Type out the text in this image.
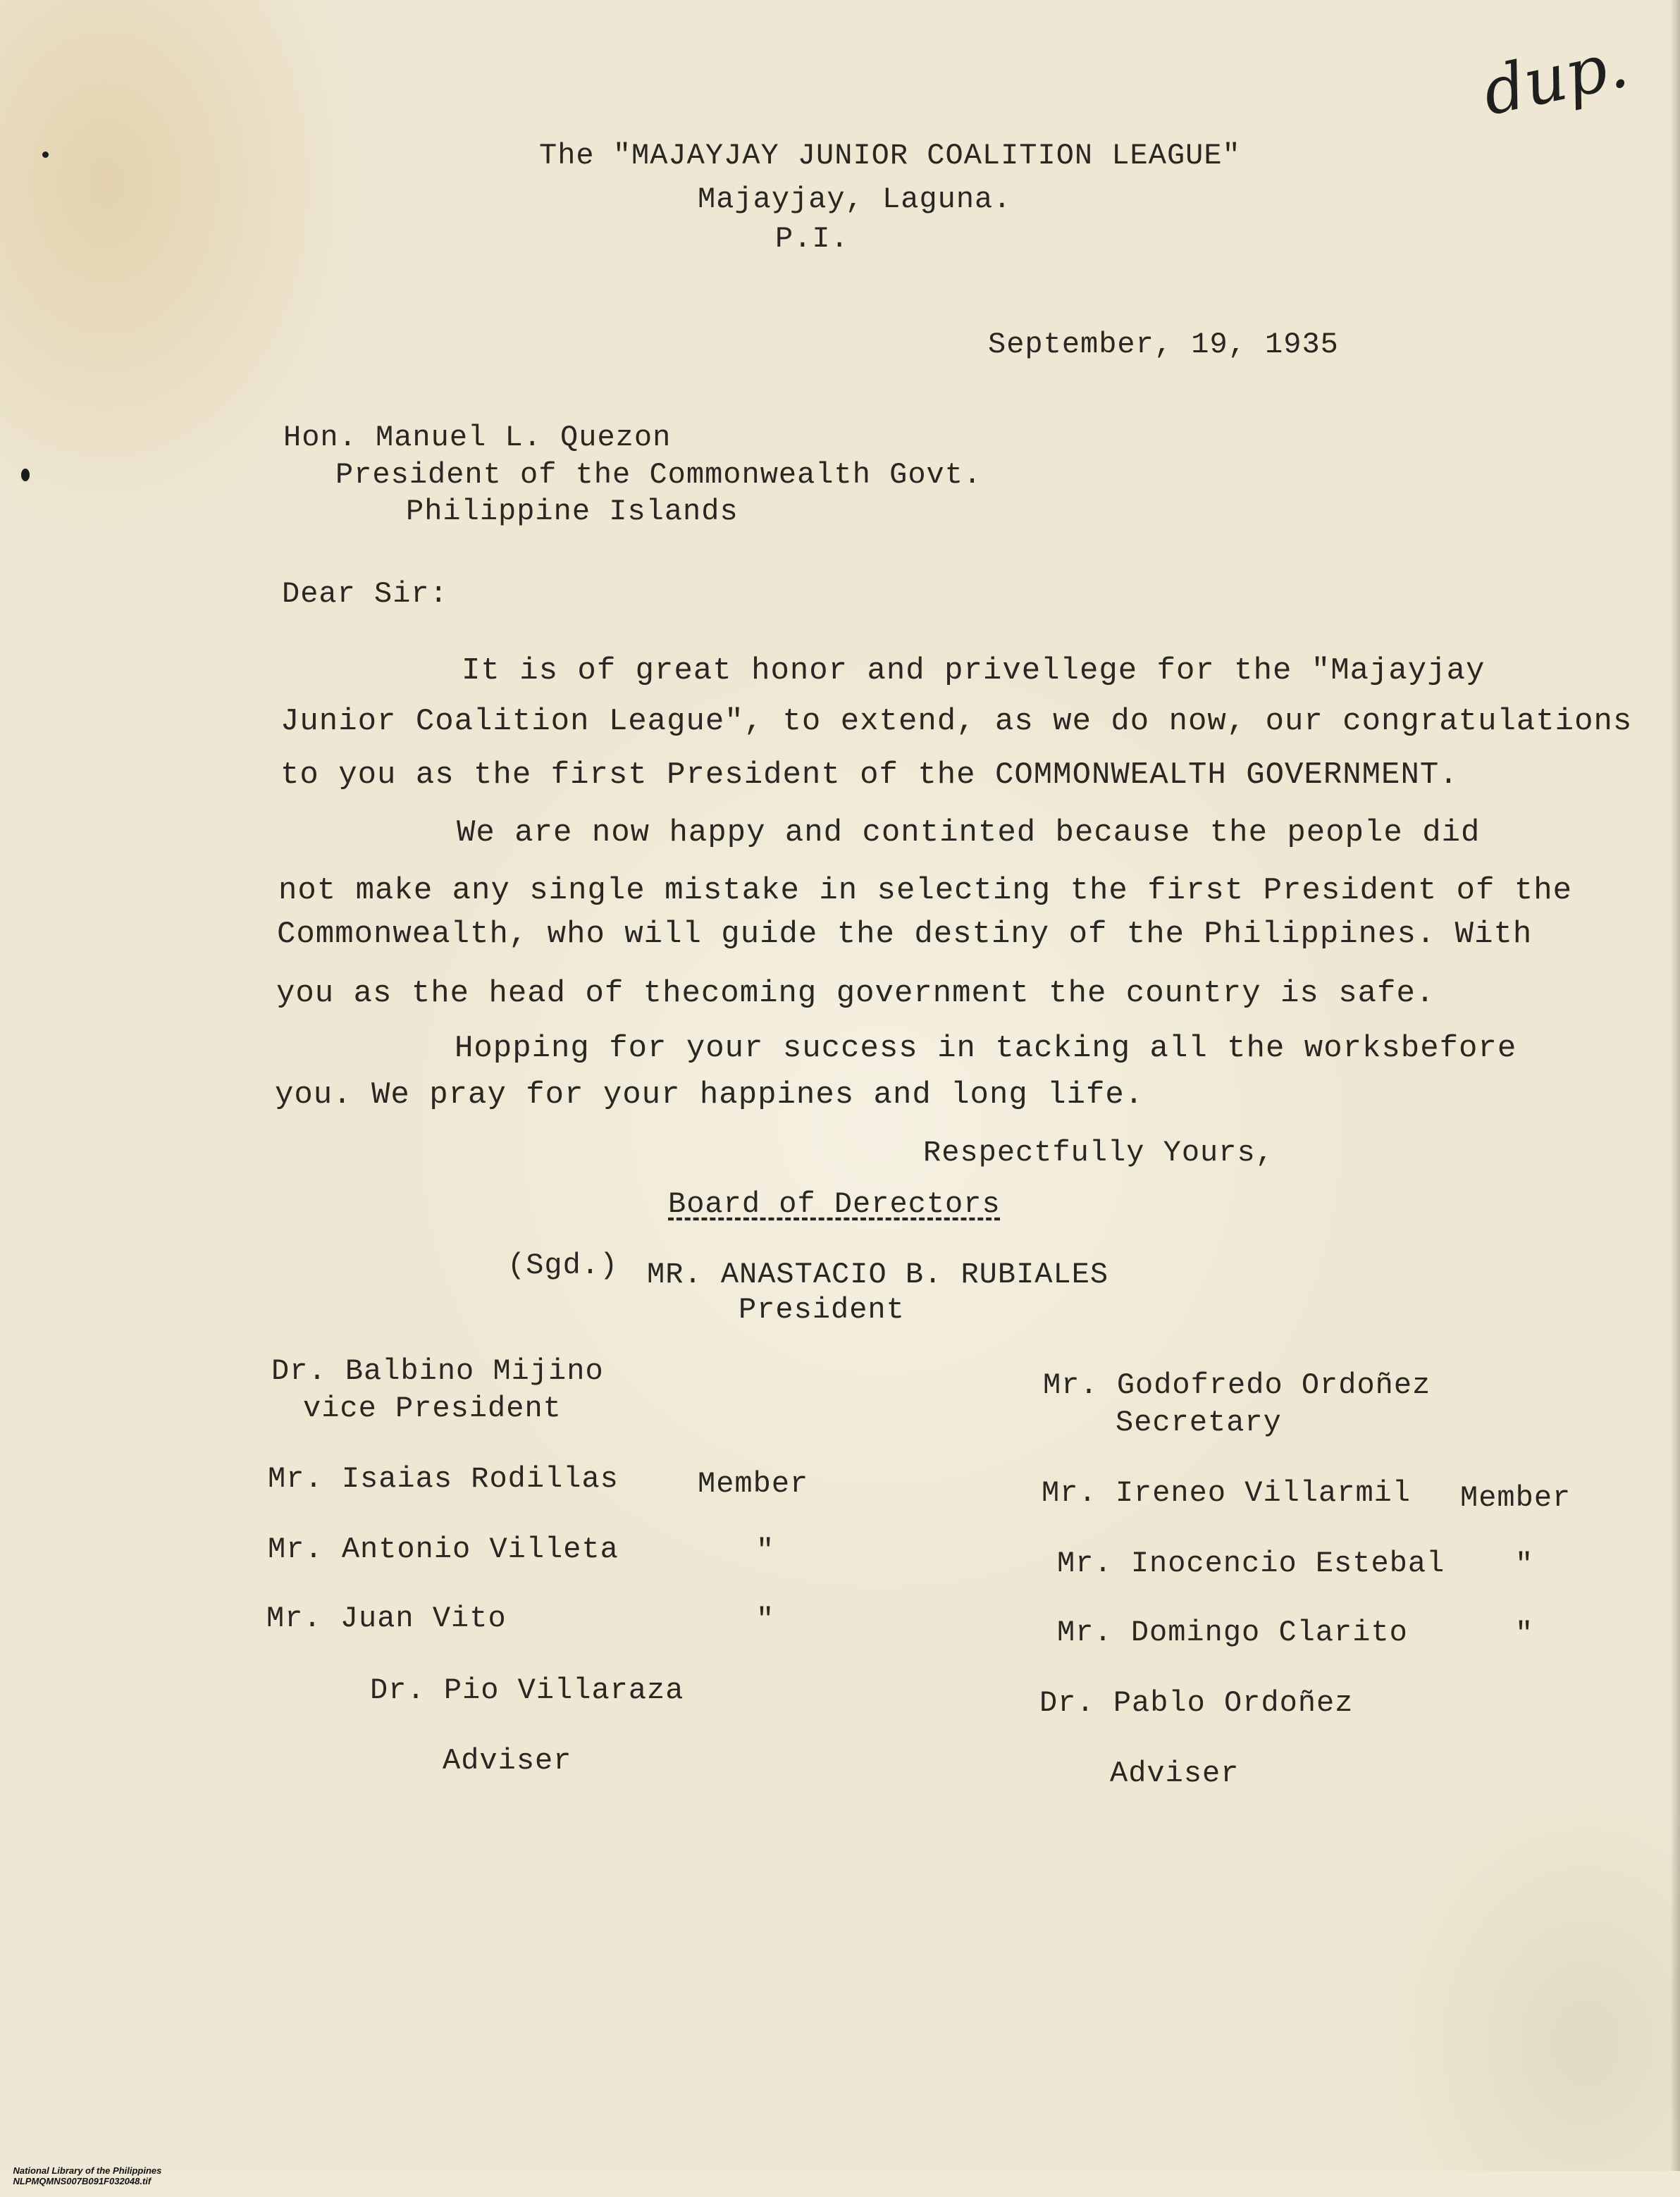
dup.
The "MAJAYJAY JUNIOR COALITION LEAGUE"
Majayjay, Laguna.
P.I.
September, 19, 1935
Hon. Manuel L. Quezon
President of the Commonwealth Govt.
Philippine Islands
Dear Sir:
It is of great honor and privellege for the "Majayjay
Junior Coalition League", to extend, as we do now, our congratulations
to you as the first President of the COMMONWEALTH GOVERNMENT.
We are now happy and continted because the people did
not make any single mistake in selecting the first President of the
Commonwealth, who will guide the destiny of the Philippines. With
you as the head of thecoming government the country is safe.
Hopping for your success in tacking all the worksbefore
you. We pray for your happines and long life.
Respectfully Yours,
Board of Derectors
(Sgd.) MR. ANASTACIO B. RUBIALES
President
Dr. Balbino Mijino
vice President
Mr. Isaias Rodillas	Member
Mr. Antonio Villeta	"
Mr. Juan Vito	"
Dr. Pio Villaraza
Adviser
Mr. Godofredo Ordoñez
Secretary
Mr. Ireneo Villarmil Member
Mr. Inocencio Estebal "
Mr. Domingo Clarito	"
Dr. Pablo Ordoñez
Adviser

National Library of the Philippines
NLPMQMNS007B091F032048.tif
